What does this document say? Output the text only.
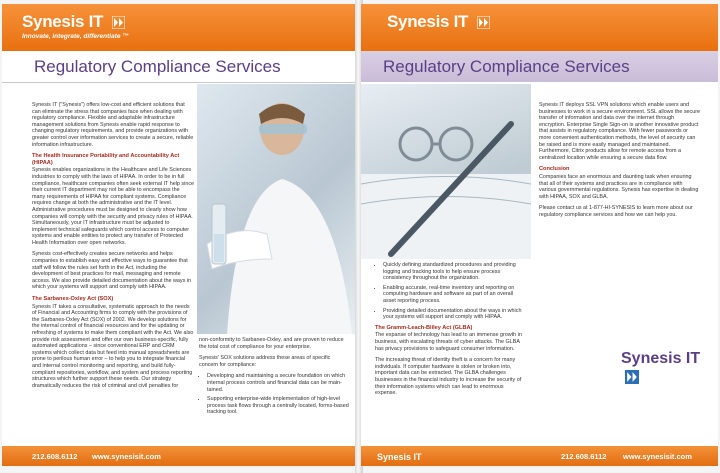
Synesis IT
Innovate, integrate, differentiate ™
Regulatory Compliance Services

Synesis IT ("Synesis") offers low-cost and efficient solutions that can eliminate the stress that companies face when dealing with regulatory compliance. Flexible and adaptable infrastructure management solutions from Synesis enable rapid response to changing regulatory requirements, and provide organizations with greater control over information services to create a secure, reliable information infrastructure.

The Health Insurance Portability and Accountability Act (HIPAA)

Synesis enables organizations in the Healthcare and Life Sciences industries to comply with the laws of HIPAA. In order to be in full compliance, healthcare companies often seek external IT help since their current IT department may not be able to encompass the many requirements of HIPAA for compliant systems. Compliance requires change at both the administrative and the IT level. Administrative procedures must be designed to clearly show how companies will comply with the security and privacy rules of HIPAA. Simultaneously, your IT infrastructure must be adjusted to implement technical safeguards which control access to computer systems and enable entities to protect any transfer of Protected Health Information over open networks.

Synesis cost-effectively creates secure networks and helps companies to establish easy and effective ways to guarantee that staff will follow the rules set forth in the Act, including the development of best practices for mail, messaging and remote access. We also provide detailed documentation about the ways in which your systems will support and comply with HIPAA.

The Sarbanes-Oxley Act (SOX)

Synesis IT takes a consultative, systematic approach to the needs of Financial and Accounting firms to comply with the provisions of the Sarbanes-Oxley Act (SOX) of 2002. We develop solutions for the internal control of financial resources and for the updating or refreshing of systems to make them compliant with the Act. We also provide risk assessment and offer our own business-specific, fully automated applications – since conventional ERP and CRM systems which collect data but feed into manual spreadsheets are prone to perilous human error – to help you to integrate financial and internal control monitoring and reporting, and build fully-compliant repositories, workflow, and system and process reporting structures which further support these needs. Our strategy dramatically reduces the risk of criminal and civil penalties for

non-conformity to Sarbanes-Oxley, and are proven to reduce the total cost of compliance for your enterprise.

Synesis' SOX solutions address these areas of specific concern for compliance:

• Developing and maintaining a secure foundation on which internal process controls and financial data can be main-tained.
• Supporting enterprise-wide implementation of high-level process task flows through a centrally located, forms-based tracking tool.
212.608.6112 www.synesisit.com
Synesis IT
Regulatory Compliance Services
• Quickly defining standardized procedures and providing logging and tracking tools to help ensure process consistency throughout the organization.
• Enabling accurate, real-time inventory and reporting on computing hardware and software as part of an overall asset reporting process.
• Providing detailed documentation about the ways in which your systems will support and comply with HIPAA.
The Gramm-Leach-Bliley Act (GLBA)

The expanse of technology has lead to an immense growth in business, with escalating threats of cyber attacks. The GLBA has privacy provisions to safeguard consumer information.

The increasing threat of identity theft is a concern for many individuals. If computer hardware is stolen or broken into, important data can be extracted. The GLBA challenges businesses in the financial industry to increase the security of their information systems which can lead to enormous expense.

Synesis IT deploys SSL VPN solutions which enable users and businesses to work in a secure environment. SSL allows the secure transfer of information and data over the internet through encryption. Enterprise Single Sign-on is another innovative product that assists in regulatory compliance. With fewer passwords or more convenient authentication methods, the level of security can be raised and is more easily managed and maintained. Furthermore, Citrix products allow for remote access from a centralized location while ensuring a secure data flow.

Conclusion

Companies face an enormous and daunting task when ensuring that all of their systems and practices are in compliance with various governmental regulations. Synesis has expertise in dealing with HIPAA, SOX and GLBA.

Please contact us at 1-877-HI-SYNESIS to learn more about our regulatory compliance services and how we can help you.

Synesis IT
Synesis IT	212.608.6112 www.synesisit.com
